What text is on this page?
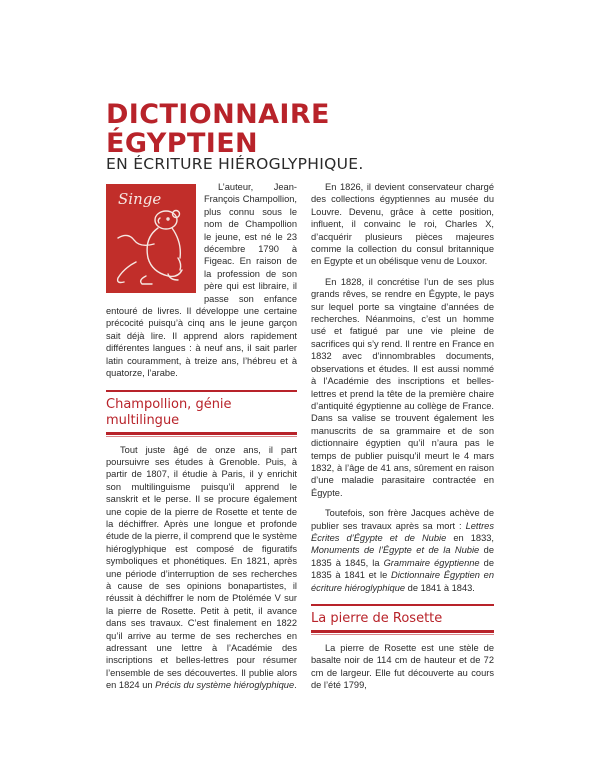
DICTIONNAIRE
ÉGYPTIEN
EN ÉCRITURE HIÉROGLYPHIQUE.
Singe

L’auteur, Jean-François Champollion, plus connu sous le nom de Champollion le jeune, est né le 23 décembre 1790 à Figeac. En raison de la profession de son père qui est libraire, il passe son enfance entouré de livres. Il développe une certaine précocité puisqu’à cinq ans le jeune garçon sait déjà lire. Il apprend alors rapidement différentes langues : à neuf ans, il sait parler latin couramment, à treize ans, l’hébreu et à quatorze, l’arabe.

Champollion, génie multilingue

Tout juste âgé de onze ans, il part poursuivre ses études à Grenoble. Puis, à partir de 1807, il étudie à Paris, il y enrichit son multilinguisme puisqu’il apprend le sanskrit et le perse. Il se procure également une copie de la pierre de Rosette et tente de la déchiffrer. Après une longue et profonde étude de la pierre, il comprend que le système hiéroglyphique est composé de figuratifs symboliques et phonétiques. En 1821, après une période d’interruption de ses recherches à cause de ses opinions bonapartistes, il réussit à déchiffrer le nom de Ptolémée V sur la pierre de Rosette. Petit à petit, il avance dans ses travaux. C’est finalement en 1822 qu’il arrive au terme de ses recherches en adressant une lettre à l’Académie des inscriptions et belles-lettres pour résumer l’ensemble de ses découvertes. Il publie alors en 1824 un Précis du système hiéroglyphique.

En 1826, il devient conservateur chargé des collections égyptiennes au musée du Louvre. Devenu, grâce à cette position, influent, il convainc le roi, Charles X, d’acquérir plusieurs pièces majeures comme la collection du consul britannique en Egypte et un obélisque venu de Louxor.

En 1828, il concrétise l’un de ses plus grands rêves, se rendre en Égypte, le pays sur lequel porte sa vingtaine d’années de recherches. Néanmoins, c’est un homme usé et fatigué par une vie pleine de sacrifices qui s’y rend. Il rentre en France en 1832 avec d’innombrables documents, observations et études. Il est aussi nommé à l’Académie des inscriptions et belles-lettres et prend la tête de la première chaire d’antiquité égyptienne au collège de France. Dans sa valise se trouvent également les manuscrits de sa grammaire et de son dictionnaire égyptien qu’il n’aura pas le temps de publier puisqu’il meurt le 4 mars 1832, à l’âge de 41 ans, sûrement en raison d’une maladie parasitaire contractée en Égypte.

Toutefois, son frère Jacques achève de publier ses travaux après sa mort : Lettres Écrites d’Égypte et de Nubie en 1833, Monuments de l’Égypte et de la Nubie de 1835 à 1845, la Grammaire égyptienne de 1835 à 1841 et le Dictionnaire Égyptien en écriture hiéroglyphique de 1841 à 1843.

La pierre de Rosette

La pierre de Rosette est une stèle de basalte noir de 114 cm de hauteur et de 72 cm de largeur. Elle fut découverte au cours de l’été 1799,
